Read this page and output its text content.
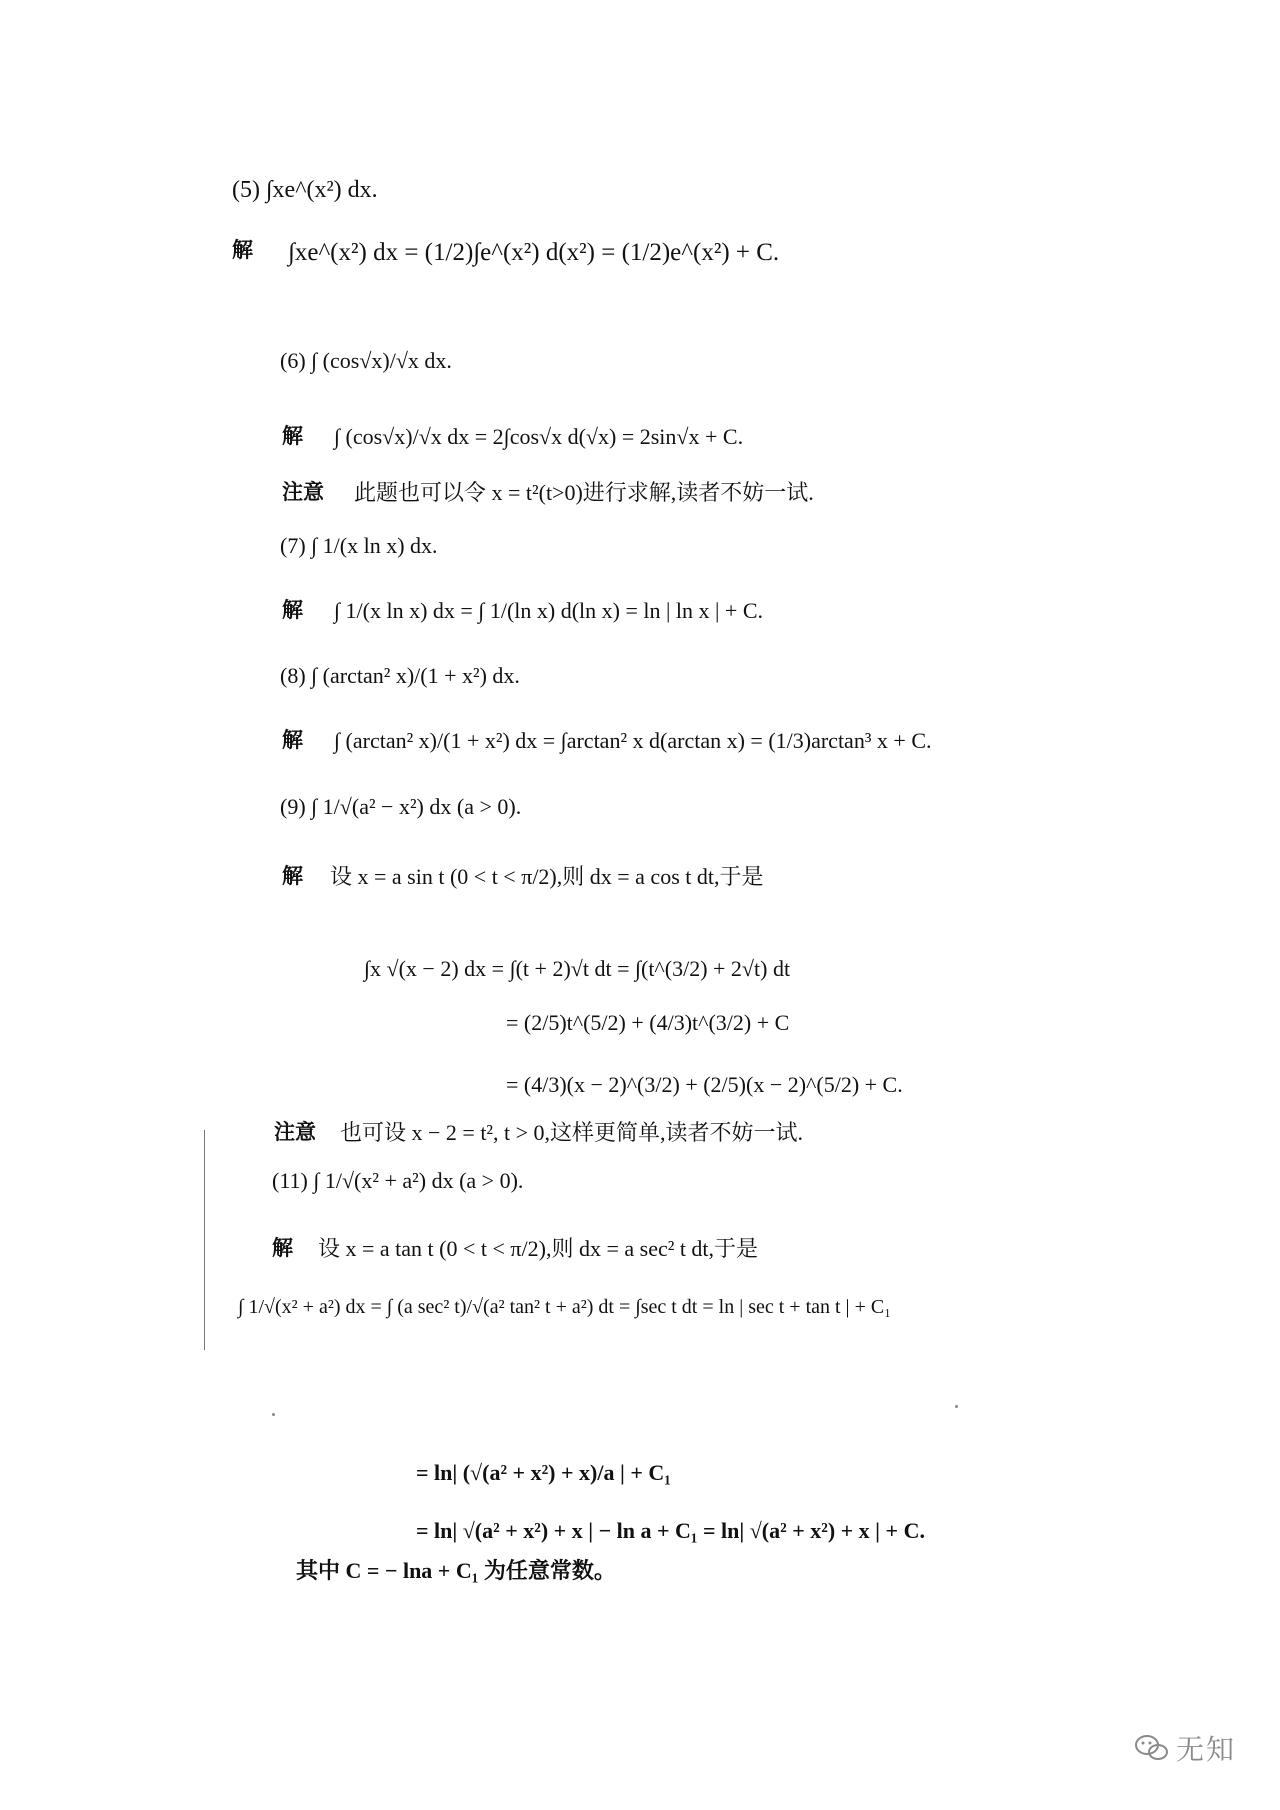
(5) ∫xe^(x²) dx.
解 ∫xe^(x²) dx = (1/2)∫e^(x²) d(x²) = (1/2)e^(x²) + C.
(6) ∫ (cos√x)/√x dx.
解 ∫ (cos√x)/√x dx = 2∫cos√x d(√x) = 2sin√x + C.
注意 此题也可以令 x = t²(t>0)进行求解,读者不妨一试.
(7) ∫ 1/(x ln x) dx.
解 ∫ 1/(x ln x) dx = ∫ 1/(ln x) d(ln x) = ln | ln x | + C.
(8) ∫ (arctan² x)/(1 + x²) dx.
解 ∫ (arctan² x)/(1 + x²) dx = ∫arctan² x d(arctan x) = (1/3)arctan³ x + C.
(9) ∫ 1/√(a² − x²) dx (a > 0).
解 设 x = a sin t (0 < t < π/2),则 dx = a cos t dt,于是
∫x √(x − 2) dx = ∫(t + 2)√t dt = ∫(t^(3/2) + 2√t) dt
= (2/5)t^(5/2) + (4/3)t^(3/2) + C
= (4/3)(x − 2)^(3/2) + (2/5)(x − 2)^(5/2) + C.
注意 也可设 x − 2 = t², t > 0,这样更简单,读者不妨一试.
(11) ∫ 1/√(x² + a²) dx (a > 0).
解 设 x = a tan t (0 < t < π/2),则 dx = a sec² t dt,于是
∫ 1/√(x² + a²) dx = ∫ (a sec² t)/√(a² tan² t + a²) dt = ∫sec t dt = ln | sec t + tan t | + C₁
= ln| (√(a² + x²) + x)/a | + C₁
= ln| √(a² + x²) + x | − ln a + C₁ = ln| √(a² + x²) + x | + C.
其中 C = − lna + C₁ 为任意常数。
无知
